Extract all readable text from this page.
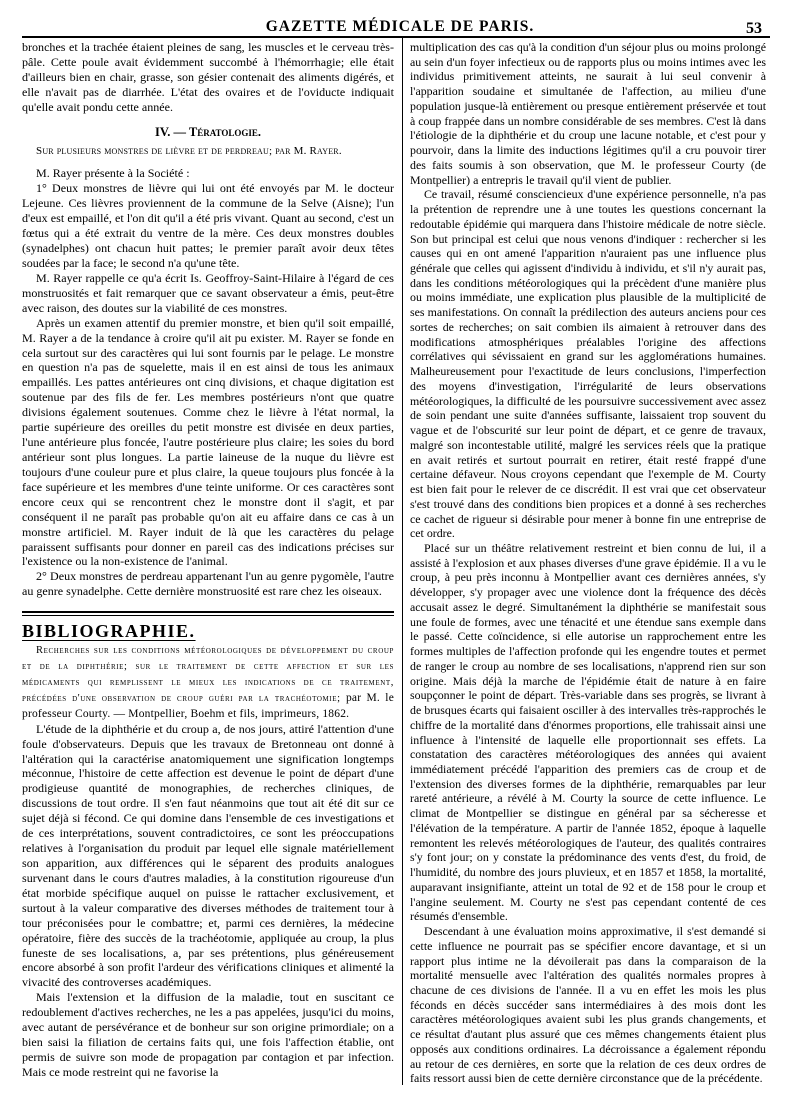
GAZETTE MÉDICALE DE PARIS.	53

bronches et la trachée étaient pleines de sang, les muscles et le cerveau très-pâle. Cette poule avait évidemment succombé à l'hémorrhagie; elle était d'ailleurs bien en chair, grasse, son gésier contenait des aliments digérés, et elle n'avait pas de diarrhée. L'état des ovaires et de l'oviducte indiquait qu'elle avait pondu cette année.

IV. — Tératologie.
Sur plusieurs monstres de lièvre et de perdreau; par M. Rayer.

M. Rayer présente à la Société :

1° Deux monstres de lièvre qui lui ont été envoyés par M. le docteur Lejeune. Ces lièvres proviennent de la commune de la Selve (Aisne); l'un d'eux est empaillé, et l'on dit qu'il a été pris vivant. Quant au second, c'est un fœtus qui a été extrait du ventre de la mère. Ces deux monstres doubles (synadelphes) ont chacun huit pattes; le premier paraît avoir deux têtes soudées par la face; le second n'a qu'une tête.

M. Rayer rappelle ce qu'a écrit Is. Geoffroy-Saint-Hilaire à l'égard de ces monstruosités et fait remarquer que ce savant observateur a émis, peut-être avec raison, des doutes sur la viabilité de ces monstres.

Après un examen attentif du premier monstre, et bien qu'il soit empaillé, M. Rayer a de la tendance à croire qu'il ait pu exister. M. Rayer se fonde en cela surtout sur des caractères qui lui sont fournis par le pelage. Le monstre en question n'a pas de squelette, mais il en est ainsi de tous les animaux empaillés. Les pattes antérieures ont cinq divisions, et chaque digitation est soutenue par des fils de fer. Les membres postérieurs n'ont que quatre divisions également soutenues. Comme chez le lièvre à l'état normal, la partie supérieure des oreilles du petit monstre est divisée en deux parties, l'une antérieure plus foncée, l'autre postérieure plus claire; les soies du bord antérieur sont plus longues. La partie laineuse de la nuque du lièvre est toujours d'une couleur pure et plus claire, la queue toujours plus foncée à la face supérieure et les membres d'une teinte uniforme. Or ces caractères sont encore ceux qui se rencontrent chez le monstre dont il s'agit, et par conséquent il ne paraît pas probable qu'on ait eu affaire dans ce cas à un monstre artificiel. M. Rayer induit de là que les caractères du pelage paraissent suffisants pour donner en pareil cas des indications précises sur l'existence ou la non-existence de l'animal.

2° Deux monstres de perdreau appartenant l'un au genre pygomèle, l'autre au genre synadelphe. Cette dernière monstruosité est rare chez les oiseaux.

BIBLIOGRAPHIE.

Recherches sur les conditions météorologiques de développement du croup et de la diphthérie; sur le traitement de cette affection et sur les médicaments qui remplissent le mieux les indications de ce traitement, précédées d'une observation de croup guéri par la trachéotomie; par M. le professeur Courty. — Montpellier, Boehm et fils, imprimeurs, 1862.

L'étude de la diphthérie et du croup a, de nos jours, attiré l'attention d'une foule d'observateurs. Depuis que les travaux de Bretonneau ont donné à l'altération qui la caractérise anatomiquement une signification longtemps méconnue, l'histoire de cette affection est devenue le point de départ d'une prodigieuse quantité de monographies, de recherches cliniques, de discussions de tout ordre. Il s'en faut néanmoins que tout ait été dit sur ce sujet déjà si fécond. Ce qui domine dans l'ensemble de ces investigations et de ces interprétations, souvent contradictoires, ce sont les préoccupations relatives à l'organisation du produit par lequel elle signale matériellement son apparition, aux différences qui le séparent des produits analogues survenant dans le cours d'autres maladies, à la constitution rigoureuse d'un état morbide spécifique auquel on puisse le rattacher exclusivement, et surtout à la valeur comparative des diverses méthodes de traitement tour à tour préconisées pour le combattre; et, parmi ces dernières, la médecine opératoire, fière des succès de la trachéotomie, appliquée au croup, la plus funeste de ses localisations, a, par ses prétentions, plus généreusement encore absorbé à son profit l'ardeur des vérifications cliniques et alimenté la vivacité des controverses académiques.

Mais l'extension et la diffusion de la maladie, tout en suscitant ce redoublement d'actives recherches, ne les a pas appelées, jusqu'ici du moins, avec autant de persévérance et de bonheur sur son origine primordiale; on a bien saisi la filiation de certains faits qui, une fois l'affection établie, ont permis de suivre son mode de propagation par contagion et par infection. Mais ce mode restreint qui ne favorise la

multiplication des cas qu'à la condition d'un séjour plus ou moins prolongé au sein d'un foyer infectieux ou de rapports plus ou moins intimes avec les individus primitivement atteints, ne saurait à lui seul convenir à l'apparition soudaine et simultanée de l'affection, au milieu d'une population jusque-là entièrement ou presque entièrement préservée et tout à coup frappée dans un nombre considérable de ses membres. C'est là dans l'étiologie de la diphthérie et du croup une lacune notable, et c'est pour y pourvoir, dans la limite des inductions légitimes qu'il a cru pouvoir tirer des faits soumis à son observation, que M. le professeur Courty (de Montpellier) a entrepris le travail qu'il vient de publier.

Ce travail, résumé consciencieux d'une expérience personnelle, n'a pas la prétention de reprendre une à une toutes les questions concernant la redoutable épidémie qui marquera dans l'histoire médicale de notre siècle. Son but principal est celui que nous venons d'indiquer : rechercher si les causes qui en ont amené l'apparition n'auraient pas une influence plus générale que celles qui agissent d'individu à individu, et s'il n'y aurait pas, dans les conditions météorologiques qui la précèdent d'une manière plus ou moins immédiate, une explication plus plausible de la multiplicité de ses manifestations. On connaît la prédilection des auteurs anciens pour ces sortes de recherches; on sait combien ils aimaient à retrouver dans des modifications atmosphériques préalables l'origine des affections corrélatives qui sévissaient en grand sur les agglomérations humaines. Malheureusement pour l'exactitude de leurs conclusions, l'imperfection des moyens d'investigation, l'irrégularité de leurs observations météorologiques, la difficulté de les poursuivre successivement avec assez de soin pendant une suite d'années suffisante, laissaient trop souvent du vague et de l'obscurité sur leur point de départ, et ce genre de travaux, malgré son incontestable utilité, malgré les services réels que la pratique en avait retirés et surtout pourrait en retirer, était resté frappé d'une certaine défaveur. Nous croyons cependant que l'exemple de M. Courty est bien fait pour le relever de ce discrédit. Il est vrai que cet observateur s'est trouvé dans des conditions bien propices et a donné à ses recherches ce cachet de rigueur si désirable pour mener à bonne fin une entreprise de cet ordre.

Placé sur un théâtre relativement restreint et bien connu de lui, il a assisté à l'explosion et aux phases diverses d'une grave épidémie. Il a vu le croup, à peu près inconnu à Montpellier avant ces dernières années, s'y développer, s'y propager avec une violence dont la fréquence des décès accusait assez le degré. Simultanément la diphthérie se manifestait sous une foule de formes, avec une ténacité et une étendue sans exemple dans le passé. Cette coïncidence, si elle autorise un rapprochement entre les formes multiples de l'affection profonde qui les engendre toutes et permet de ranger le croup au nombre de ses localisations, n'apprend rien sur son origine. Mais déjà la marche de l'épidémie était de nature à en faire soupçonner le point de départ. Très-variable dans ses progrès, se livrant à de brusques écarts qui faisaient osciller à des intervalles très-rapprochés le chiffre de la mortalité dans d'énormes proportions, elle trahissait ainsi une influence à l'intensité de laquelle elle proportionnait ses effets. La constatation des caractères météorologiques des années qui avaient immédiatement précédé l'apparition des premiers cas de croup et de l'extension des diverses formes de la diphthérie, remarquables par leur rareté antérieure, a révélé à M. Courty la source de cette influence. Le climat de Montpellier se distingue en général par sa sécheresse et l'élévation de la température. A partir de l'année 1852, époque à laquelle remontent les relevés météorologiques de l'auteur, des qualités contraires s'y font jour; on y constate la prédominance des vents d'est, du froid, de l'humidité, du nombre des jours pluvieux, et en 1857 et 1858, la mortalité, auparavant insignifiante, atteint un total de 92 et de 158 pour le croup et l'angine seulement. M. Courty ne s'est pas cependant contenté de ces résumés d'ensemble.

Descendant à une évaluation moins approximative, il s'est demandé si cette influence ne pourrait pas se spécifier encore davantage, et si un rapport plus intime ne la dévoilerait pas dans la comparaison de la mortalité mensuelle avec l'altération des qualités normales propres à chacune de ces divisions de l'année. Il a vu en effet les mois les plus féconds en décès succéder sans intermédiaires à des mois dont les caractères météorologiques avaient subi les plus grands changements, et ce résultat d'autant plus assuré que ces mêmes changements étaient plus opposés aux conditions ordinaires. La décroissance a également répondu au retour de ces dernières, en sorte que la relation de ces deux ordres de faits ressort aussi bien de cette dernière circonstance que de la précédente.
